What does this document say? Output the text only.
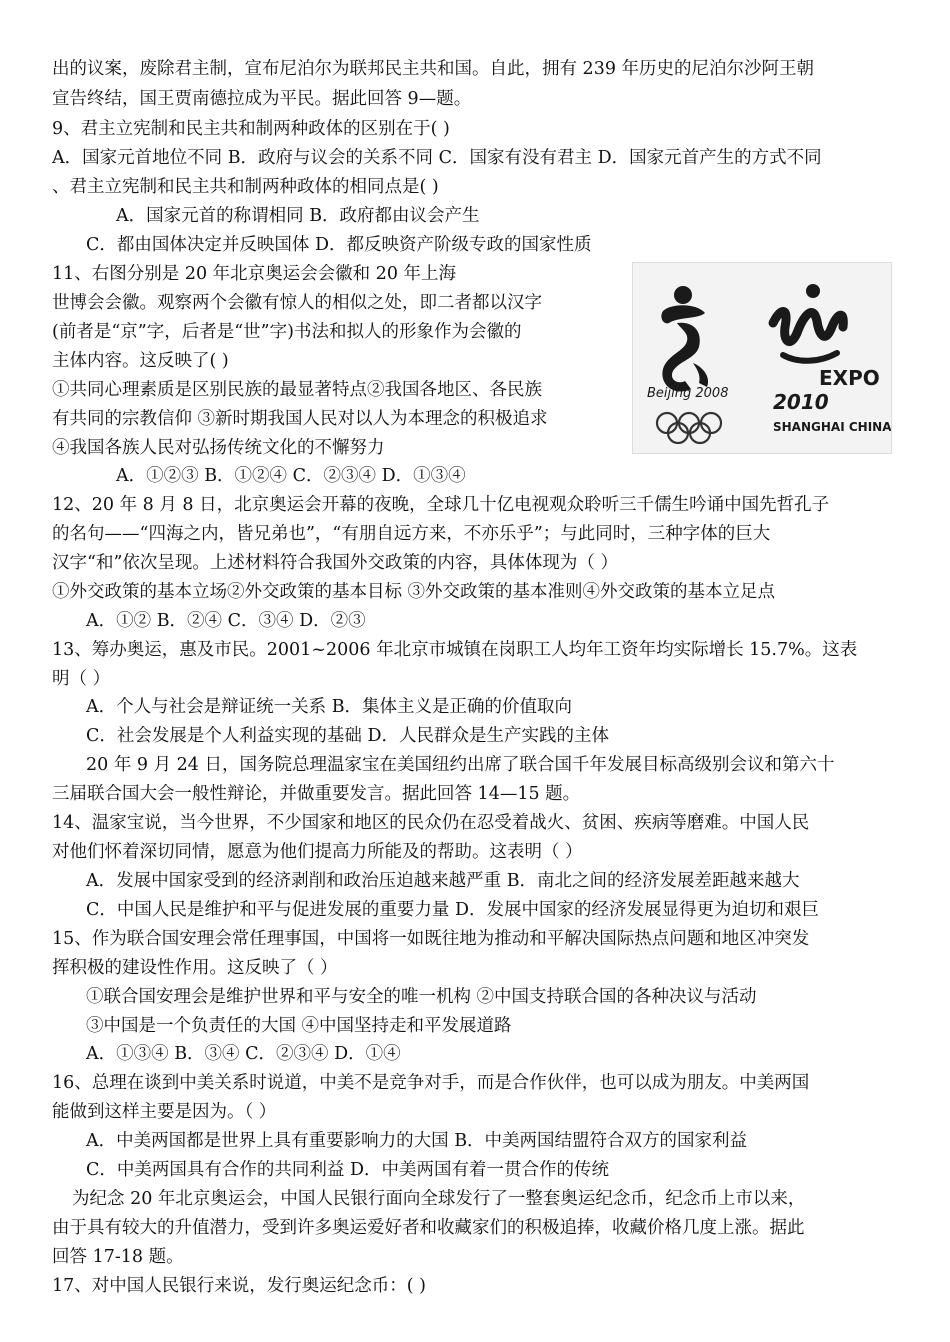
出的议案，废除君主制，宣布尼泊尔为联邦民主共和国。自此，拥有 239 年历史的尼泊尔沙阿王朝
宣告终结，国王贾南德拉成为平民。据此回答 9—题。
9、君主立宪制和民主共和制两种政体的区别在于( )
A．国家元首地位不同 B．政府与议会的关系不同 C．国家有没有君主 D．国家元首产生的方式不同
、君主立宪制和民主共和制两种政体的相同点是( )
A．国家元首的称谓相同 B．政府都由议会产生
C．都由国体决定并反映国体 D．都反映资产阶级专政的国家性质
11、右图分别是 20 年北京奥运会会徽和 20 年上海
世博会会徽。观察两个会徽有惊人的相似之处，即二者都以汉字
(前者是“京”字，后者是“世”字)书法和拟人的形象作为会徽的
主体内容。这反映了( )
①共同心理素质是区别民族的最显著特点②我国各地区、各民族
有共同的宗教信仰 ③新时期我国人民对以人为本理念的积极追求
④我国各族人民对弘扬传统文化的不懈努力
A．①②③ B．①②④ C．②③④ D．①③④
12、20 年 8 月 8 日，北京奥运会开幕的夜晚，全球几十亿电视观众聆听三千儒生吟诵中国先哲孔子
的名句——“四海之内，皆兄弟也”，“有朋自远方来，不亦乐乎”；与此同时，三种字体的巨大
汉字“和”依次呈现。上述材料符合我国外交政策的内容，具体体现为（ ）
①外交政策的基本立场②外交政策的基本目标 ③外交政策的基本准则④外交政策的基本立足点
A．①② B．②④ C．③④ D．②③
13、筹办奥运，惠及市民。2001~2006 年北京市城镇在岗职工人均年工资年均实际增长 15.7%。这表
明（ ）
A．个人与社会是辩证统一关系 B．集体主义是正确的价值取向
C．社会发展是个人利益实现的基础 D．人民群众是生产实践的主体
20 年 9 月 24 日，国务院总理温家宝在美国纽约出席了联合国千年发展目标高级别会议和第六十
三届联合国大会一般性辩论，并做重要发言。据此回答 14—15 题。
14、温家宝说，当今世界，不少国家和地区的民众仍在忍受着战火、贫困、疾病等磨难。中国人民
对他们怀着深切同情，愿意为他们提高力所能及的帮助。这表明（ ）
A．发展中国家受到的经济剥削和政治压迫越来越严重 B．南北之间的经济发展差距越来越大
C．中国人民是维护和平与促进发展的重要力量 D．发展中国家的经济发展显得更为迫切和艰巨
15、作为联合国安理会常任理事国，中国将一如既往地为推动和平解决国际热点问题和地区冲突发
挥积极的建设性作用。这反映了（ ）
①联合国安理会是维护世界和平与安全的唯一机构 ②中国支持联合国的各种决议与活动
③中国是一个负责任的大国 ④中国坚持走和平发展道路
A．①③④ B．③④ C．②③④ D．①④
16、总理在谈到中美关系时说道，中美不是竞争对手，而是合作伙伴，也可以成为朋友。中美两国
能做到这样主要是因为。（ ）
A．中美两国都是世界上具有重要影响力的大国 B．中美两国结盟符合双方的国家利益
C．中美两国具有合作的共同利益 D．中美两国有着一贯合作的传统
为纪念 20 年北京奥运会，中国人民银行面向全球发行了一整套奥运纪念币，纪念币上市以来，
由于具有较大的升值潜力，受到许多奥运爱好者和收藏家们的积极追捧，收藏价格几度上涨。据此
回答 17-18 题。
17、对中国人民银行来说，发行奥运纪念币：( )
Beijing 2008
EXPO
2010
SHANGHAI CHINA
